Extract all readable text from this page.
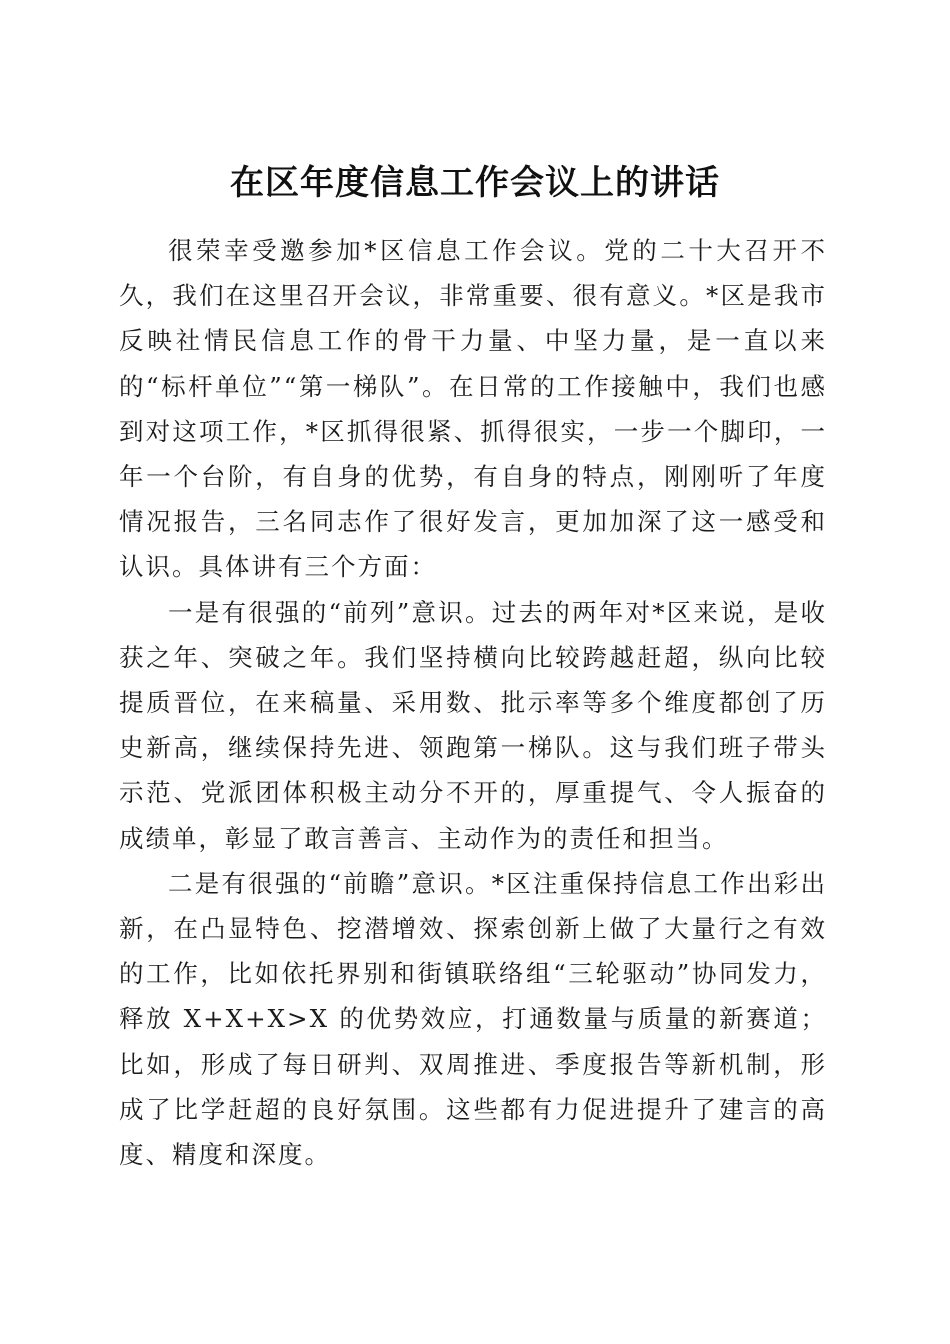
在区年度信息工作会议上的讲话

很荣幸受邀参加*区信息工作会议。党的二十大召开不久，我们在这里召开会议，非常重要、很有意义。*区是我市反映社情民信息工作的骨干力量、中坚力量，是一直以来的“标杆单位”“第一梯队”。在日常的工作接触中，我们也感到对这项工作，*区抓得很紧、抓得很实，一步一个脚印，一年一个台阶，有自身的优势，有自身的特点，刚刚听了年度情况报告，三名同志作了很好发言，更加加深了这一感受和认识。具体讲有三个方面：

一是有很强的“前列”意识。过去的两年对*区来说，是收获之年、突破之年。我们坚持横向比较跨越赶超，纵向比较提质晋位，在来稿量、采用数、批示率等多个维度都创了历史新高，继续保持先进、领跑第一梯队。这与我们班子带头示范、党派团体积极主动分不开的，厚重提气、令人振奋的成绩单，彰显了敢言善言、主动作为的责任和担当。

二是有很强的“前瞻”意识。*区注重保持信息工作出彩出新，在凸显特色、挖潜增效、探索创新上做了大量行之有效的工作，比如依托界别和街镇联络组“三轮驱动”协同发力，释放 X+X+X>X 的优势效应，打通数量与质量的新赛道；比如，形成了每日研判、双周推进、季度报告等新机制，形成了比学赶超的良好氛围。这些都有力促进提升了建言的高度、精度和深度。
